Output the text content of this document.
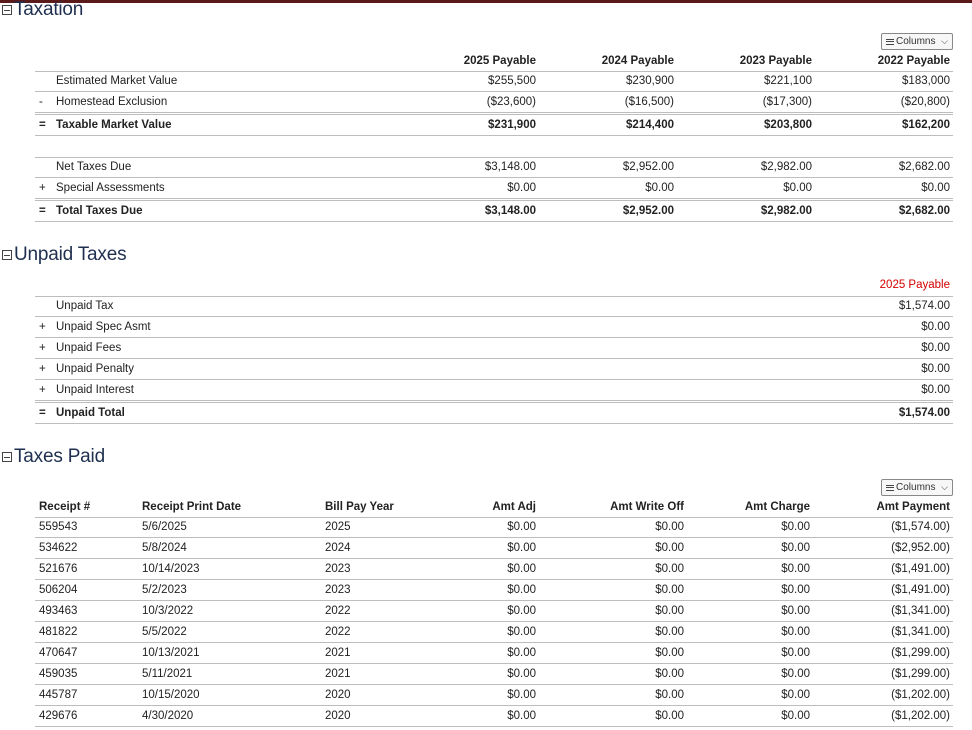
Taxation
Columns ⌵
2025 Payable	2024 Payable	2023 Payable	2022 Payable
Estimated Market Value	$255,500	$230,900	$221,100	$183,000
- Homestead Exclusion	($23,600)	($16,500)	($17,300)	($20,800)
= Taxable Market Value	$231,900	$214,400	$203,800	$162,200
Net Taxes Due	$3,148.00	$2,952.00	$2,982.00	$2,682.00
+ Special Assessments	$0.00	$0.00	$0.00	$0.00
= Total Taxes Due	$3,148.00	$2,952.00	$2,982.00	$2,682.00
Unpaid Taxes
2025 Payable
Unpaid Tax	$1,574.00
+ Unpaid Spec Asmt	$0.00
+ Unpaid Fees	$0.00
+ Unpaid Penalty	$0.00
+ Unpaid Interest	$0.00
= Unpaid Total	$1,574.00
Taxes Paid
Columns ⌵
Receipt #	Receipt Print Date	Bill Pay Year	Amt Adj	Amt Write Off	Amt Charge	Amt Payment
559543	5/6/2025	2025	$0.00	$0.00	$0.00	($1,574.00)
534622	5/8/2024	2024	$0.00	$0.00	$0.00	($2,952.00)
521676	10/14/2023	2023	$0.00	$0.00	$0.00	($1,491.00)
506204	5/2/2023	2023	$0.00	$0.00	$0.00	($1,491.00)
493463	10/3/2022	2022	$0.00	$0.00	$0.00	($1,341.00)
481822	5/5/2022	2022	$0.00	$0.00	$0.00	($1,341.00)
470647	10/13/2021	2021	$0.00	$0.00	$0.00	($1,299.00)
459035	5/11/2021	2021	$0.00	$0.00	$0.00	($1,299.00)
445787	10/15/2020	2020	$0.00	$0.00	$0.00	($1,202.00)
429676	4/30/2020	2020	$0.00	$0.00	$0.00	($1,202.00)
